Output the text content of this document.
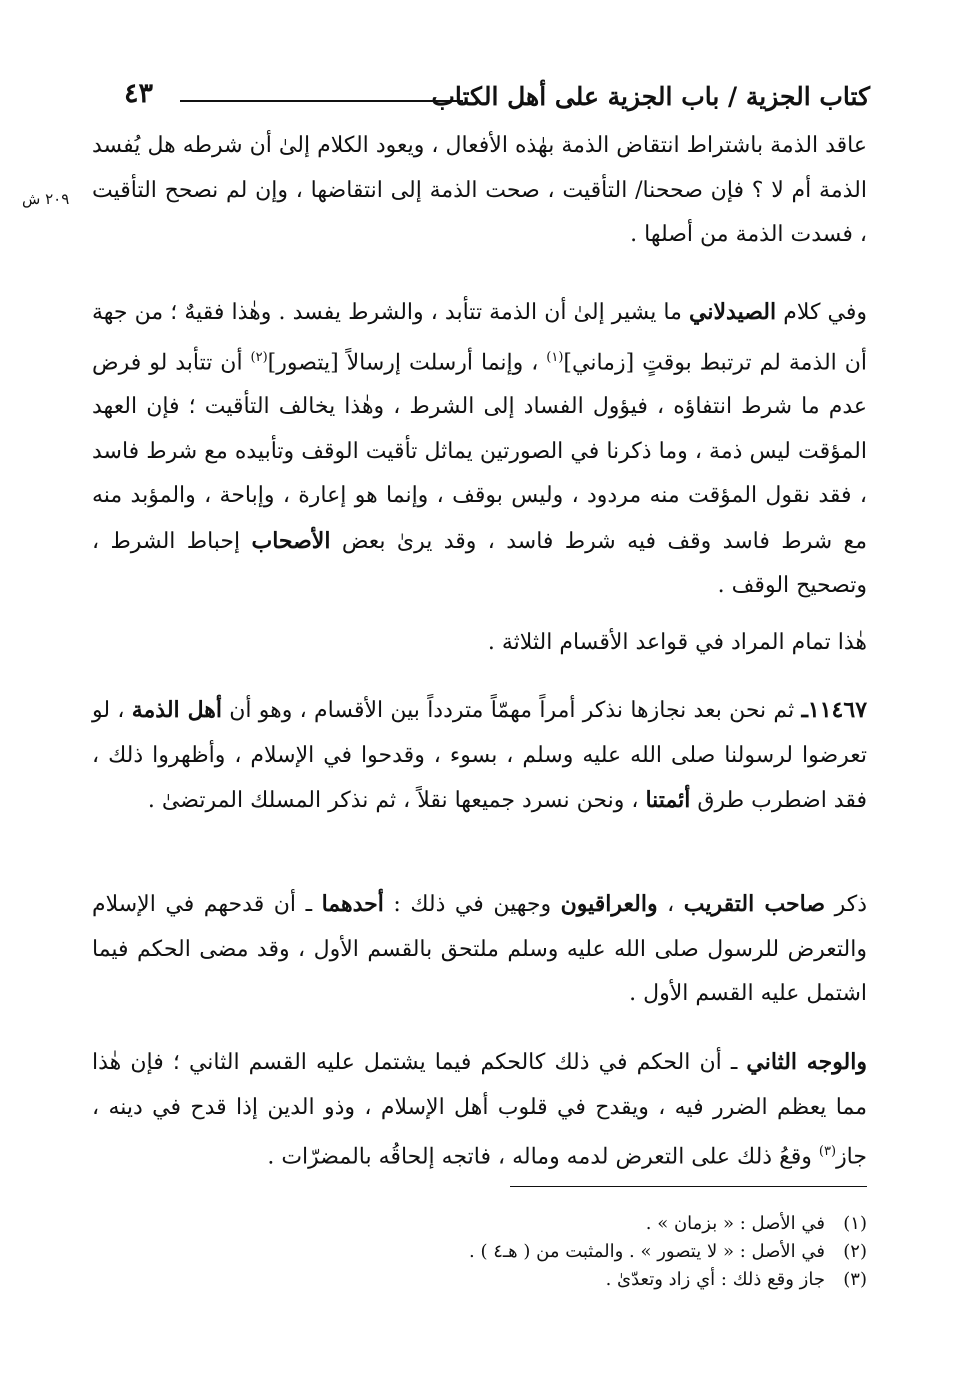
كتاب الجزية / باب الجزية على أهل الكتاب
٤٣
٢٠٩ ش

عاقد الذمة باشتراط انتقاض الذمة بهٰذه الأفعال ، ويعود الكلام إلىٰ أن شرطه هل يُفسد الذمة أم لا ؟ فإن صححنا/ التأقيت ، صحت الذمة إلى انتقاضها ، وإن لم نصحح التأقيت ، فسدت الذمة من أصلها .

وفي كلام الصيدلاني ما يشير إلىٰ أن الذمة تتأبد ، والشرط يفسد . وهٰذا فقيهٌ ؛ من جهة أن الذمة لم ترتبط بوقتٍ [زماني]$^{(١)}$ ، وإنما أرسلت إرسالاً [يتصور]$^{(٢)}$ أن تتأبد لو فرض عدم ما شرط انتفاؤه ، فيؤول الفساد إلى الشرط ، وهٰذا يخالف التأقيت ؛ فإن العهد المؤقت ليس ذمة ، وما ذكرنا في الصورتين يماثل تأقيت الوقف وتأبيده مع شرط فاسد ، فقد نقول المؤقت منه مردود ، وليس بوقف ، وإنما هو إعارة ، وإباحة ، والمؤبد منه مع شرط فاسد وقف فيه شرط فاسد ، وقد يرىٰ بعض الأصحاب إحباط الشرط ، وتصحيح الوقف .

هٰذا تمام المراد في قواعد الأقسام الثلاثة .

١١٤٦٧ـ ثم نحن بعد نجازها نذكر أمراً مهمّاً متردداً بين الأقسام ، وهو أن أهل الذمة ، لو تعرضوا لرسولنا صلى الله عليه وسلم ، بسوء ، وقدحوا في الإسلام ، وأظهروا ذلك ، فقد اضطرب طرق أئمتنا ، ونحن نسرد جميعها نقلاً ، ثم نذكر المسلك المرتضىٰ .

ذكر صاحب التقريب ، والعراقيون وجهين في ذلك : أحدهما ـ أن قدحهم في الإسلام والتعرض للرسول صلى الله عليه وسلم ملتحق بالقسم الأول ، وقد مضى الحكم فيما اشتمل عليه القسم الأول .

والوجه الثاني ـ أن الحكم في ذلك كالحكم فيما يشتمل عليه القسم الثاني ؛ فإن هٰذا مما يعظم الضرر فيه ، ويقدح في قلوب أهل الإسلام ، وذو الدين إذا قدح في دينه ، جاز$^{(٣)}$ وقعُ ذلك على التعرض لدمه وماله ، فاتجه إلحاقُه بالمضرّات .

(١)في الأصل : « بزمان » .
(٢)في الأصل : « لا يتصور » . والمثبت من ( هـ٤ ) .
(٣)جاز وقع ذلك : أي زاد وتعدّىٰ .
